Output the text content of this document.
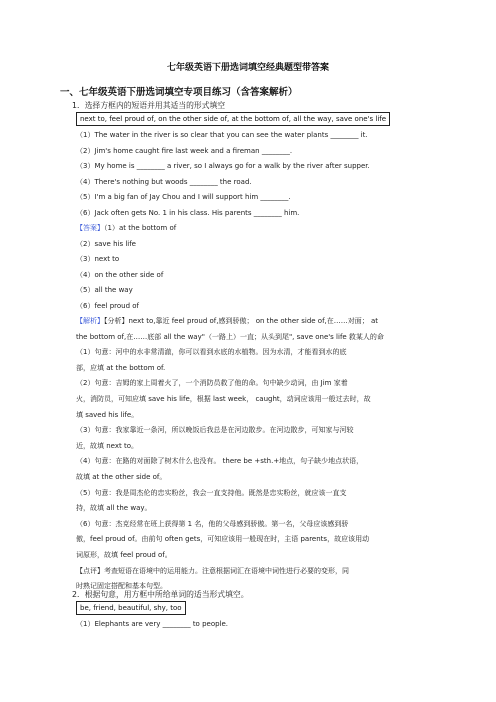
七年级英语下册选词填空经典题型带答案
一、七年级英语下册选词填空专项目练习（含答案解析）
1．选择方框内的短语并用其适当的形式填空
next to, feel proud of, on the other side of, at the bottom of, all the way, save one's life
（1）The water in the river is so clear that you can see the water plants ________ it.
（2）Jim's home caught fire last week and a fireman ________.
（3）My home is ________ a river, so I always go for a walk by the river after supper.
（4）There's nothing but woods ________ the road.
（5）I'm a big fan of Jay Chou and I will support him ________.
（6）Jack often gets No. 1 in his class. His parents ________ him.
【答案】（1）at the bottom of
（2）save his life
（3）next to
（4）on the other side of
（5）all the way
（6）feel proud of
【解析】【分析】next to,靠近 feel proud of,感到骄傲； on the other side of,在……对面； at
the bottom of,在……底部 all the way"（一路上）一直；从头到尾", save one's life 救某人的命
（1）句意：河中的水非常清澈，你可以看到水底的水植物。因为水清，才能看到水的底
部，应填 at the bottom of.
（2）句意：吉姆的家上周着火了，一个消防员救了他的命。句中缺少动词，由 Jim 家着
火，消防员，可知应填 save his life，根据 last week， caught，动词应该用一般过去时，故
填 saved his life。
（3）句意：我家靠近一条河，所以晚饭后我总是在河边散步。在河边散步，可知家与河较
近，故填 next to。
（4）句意：在路的对面除了树木什么也没有。 there be +sth.+地点，句子缺少地点状语，
故填 at the other side of。
（5）句意：我是周杰伦的忠实粉丝，我会一直支持他。既然是忠实粉丝，就应该一直支
持，故填 all the way。
（6）句意：杰克经常在班上获得第 1 名，他的父母感到骄傲。第一名，父母应该感到骄
傲，feel proud of。由前句 often gets，可知应该用一般现在时，主语 parents，故应该用动
词原形，故填 feel proud of。
【点评】考查短语在语境中的运用能力。注意根据词汇在语境中词性进行必要的变形，同
时熟记固定搭配和基本句型。
2．根据句意，用方框中所给单词的适当形式填空。
be, friend, beautiful, shy, too
（1）Elephants are very ________ to people.
